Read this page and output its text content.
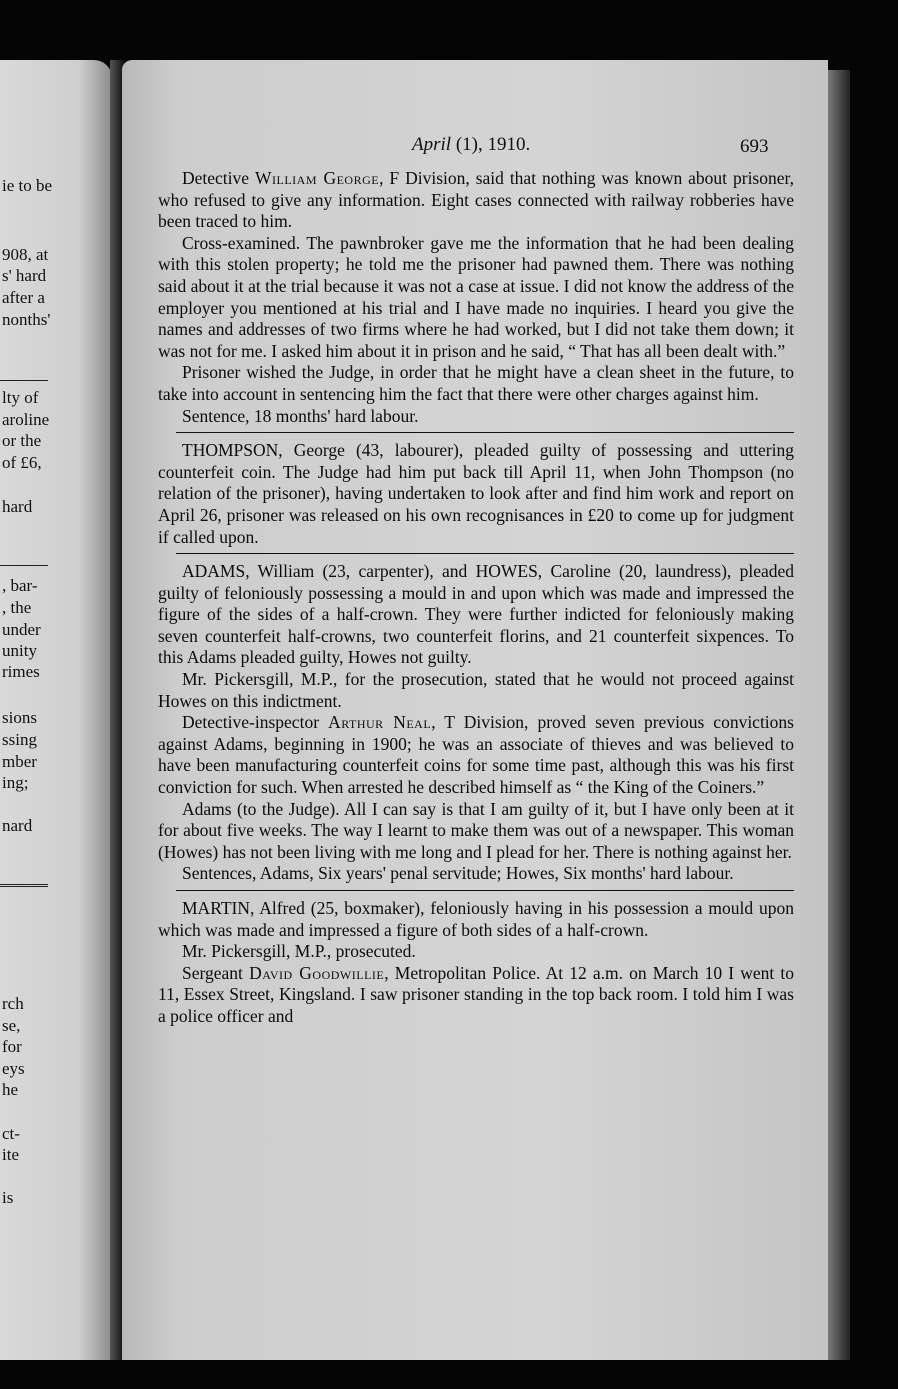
ie to be

908, at

s' hard

after a

nonths'

lty of

aroline

or the

of £6,

hard

, bar-

, the

under

unity

rimes

sions

ssing

mber

ing;

nard

rch

se,

for

eys

he

ct-

ite

is

April (1), 1910.	693

Detective William George, F Division, said that nothing was known about prisoner, who refused to give any information. Eight cases connected with railway robberies have been traced to him.

Cross-examined. The pawnbroker gave me the information that he had been dealing with this stolen property; he told me the prisoner had pawned them. There was nothing said about it at the trial because it was not a case at issue. I did not know the address of the employer you mentioned at his trial and I have made no inquiries. I heard you give the names and addresses of two firms where he had worked, but I did not take them down; it was not for me. I asked him about it in prison and he said, “ That has all been dealt with.”

Prisoner wished the Judge, in order that he might have a clean sheet in the future, to take into account in sentencing him the fact that there were other charges against him.

Sentence, 18 months' hard labour.

THOMPSON, George (43, labourer), pleaded guilty of possessing and uttering counterfeit coin. The Judge had him put back till April 11, when John Thompson (no relation of the prisoner), having undertaken to look after and find him work and report on April 26, prisoner was released on his own recognisances in £20 to come up for judgment if called upon.

ADAMS, William (23, carpenter), and HOWES, Caroline (20, laundress), pleaded guilty of feloniously possessing a mould in and upon which was made and impressed the figure of the sides of a half-crown. They were further indicted for feloniously making seven counterfeit half-crowns, two counterfeit florins, and 21 counterfeit sixpences. To this Adams pleaded guilty, Howes not guilty.

Mr. Pickersgill, M.P., for the prosecution, stated that he would not proceed against Howes on this indictment.

Detective-inspector Arthur Neal, T Division, proved seven previous convictions against Adams, beginning in 1900; he was an associate of thieves and was believed to have been manufacturing counterfeit coins for some time past, although this was his first conviction for such. When arrested he described himself as “ the King of the Coiners.”

Adams (to the Judge). All I can say is that I am guilty of it, but I have only been at it for about five weeks. The way I learnt to make them was out of a newspaper. This woman (Howes) has not been living with me long and I plead for her. There is nothing against her.

Sentences, Adams, Six years' penal servitude; Howes, Six months' hard labour.

MARTIN, Alfred (25, boxmaker), feloniously having in his possession a mould upon which was made and impressed a figure of both sides of a half-crown.

Mr. Pickersgill, M.P., prosecuted.

Sergeant David Goodwillie, Metropolitan Police. At 12 a.m. on March 10 I went to 11, Essex Street, Kingsland. I saw prisoner standing in the top back room. I told him I was a police officer and
